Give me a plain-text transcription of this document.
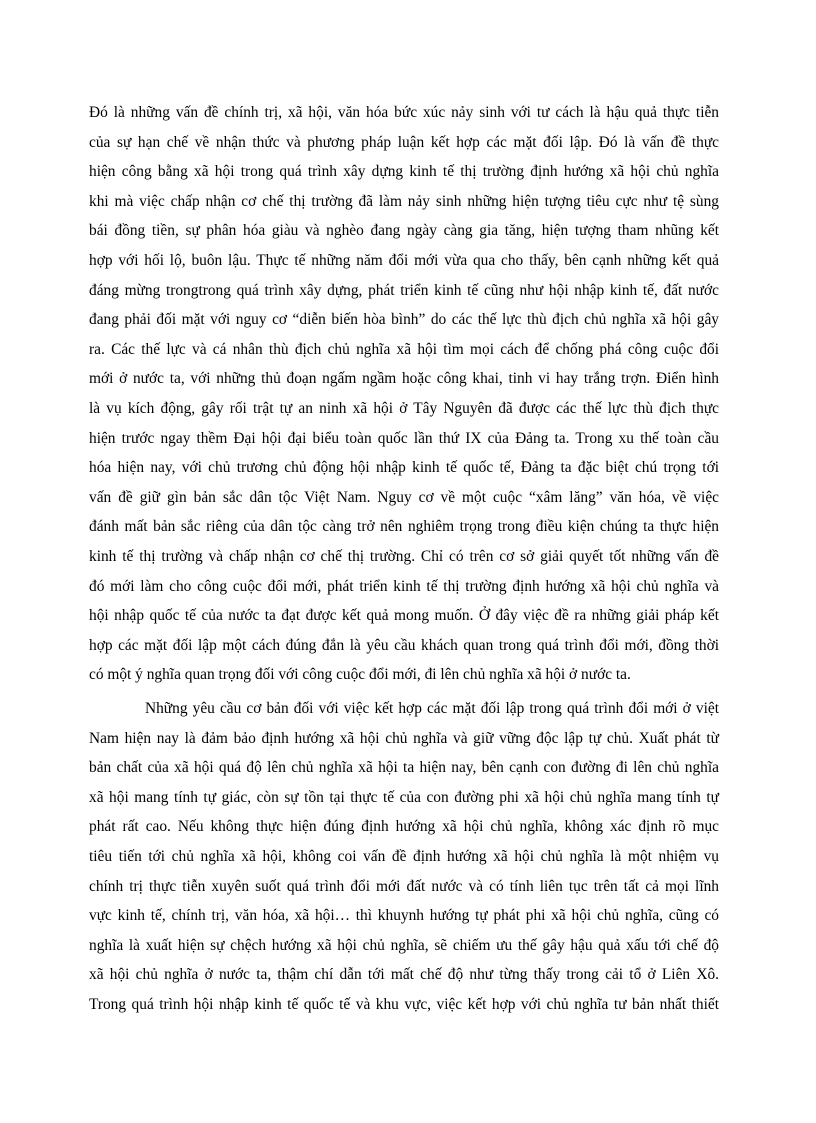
Đó là những vấn đề chính trị, xã hội, văn hóa bức xúc nảy sinh với tư cách là hậu quả thực tiễn
của sự hạn chế về nhận thức và phương pháp luận kết hợp các mặt đối lập. Đó là vấn đề thực
hiện công bằng xã hội trong quá trình xây dựng kinh tế thị trường định hướng xã hội chủ nghĩa
khi mà việc chấp nhận cơ chế thị trường đã làm nảy sinh những hiện tượng tiêu cực như tệ sùng
bái đồng tiền, sự phân hóa giàu và nghèo đang ngày càng gia tăng, hiện tượng tham nhũng kết
hợp với hối lộ, buôn lậu. Thực tế những năm đổi mới vừa qua cho thấy, bên cạnh những kết quả
đáng mừng trongtrong quá trình xây dựng, phát triển kinh tế cũng như hội nhập kinh tế, đất nước
đang phải đối mặt với nguy cơ “diễn biến hòa bình” do các thế lực thù địch chủ nghĩa xã hội gây
ra. Các thế lực và cá nhân thù địch chủ nghĩa xã hội tìm mọi cách để chống phá công cuộc đổi
mới ở nước ta, với những thủ đoạn ngấm ngầm hoặc công khai, tinh vi hay trắng trợn. Điển hình
là vụ kích động, gây rối trật tự an ninh xã hội ở Tây Nguyên đã được các thế lực thù địch thực
hiện trước ngay thềm Đại hội đại biểu toàn quốc lần thứ IX của Đảng ta. Trong xu thế toàn cầu
hóa hiện nay, với chủ trương chủ động hội nhập kinh tế quốc tế, Đảng ta đặc biệt chú trọng tới
vấn đề giữ gìn bản sắc dân tộc Việt Nam. Nguy cơ về một cuộc “xâm lăng” văn hóa, về việc
đánh mất bản sắc riêng của dân tộc càng trở nên nghiêm trọng trong điều kiện chúng ta thực hiện
kinh tế thị trường và chấp nhận cơ chế thị trường. Chỉ có trên cơ sở giải quyết tốt những vấn đề
đó mới làm cho công cuộc đổi mới, phát triển kinh tế thị trường định hướng xã hội chủ nghĩa và
hội nhập quốc tế của nước ta đạt được kết quả mong muốn. Ở đây việc đề ra những giải pháp kết
hợp các mặt đối lập một cách đúng đắn là yêu cầu khách quan trong quá trình đổi mới, đồng thời
có một ý nghĩa quan trọng đối với công cuộc đổi mới, đi lên chủ nghĩa xã hội ở nước ta.
Những yêu cầu cơ bản đối với việc kết hợp các mặt đối lập trong quá trình đổi mới ở việt
Nam hiện nay là đảm bảo định hướng xã hội chủ nghĩa và giữ vững độc lập tự chủ. Xuất phát từ
bản chất của xã hội quá độ lên chủ nghĩa xã hội ta hiện nay, bên cạnh con đường đi lên chủ nghĩa
xã hội mang tính tự giác, còn sự tồn tại thực tế của con đường phi xã hội chủ nghĩa mang tính tự
phát rất cao. Nếu không thực hiện đúng định hướng xã hội chủ nghĩa, không xác định rõ mục
tiêu tiến tới chủ nghĩa xã hội, không coi vấn đề định hướng xã hội chủ nghĩa là một nhiệm vụ
chính trị thực tiễn xuyên suốt quá trình đổi mới đất nước và có tính liên tục trên tất cả mọi lĩnh
vực kinh tế, chính trị, văn hóa, xã hội… thì khuynh hướng tự phát phi xã hội chủ nghĩa, cũng có
nghĩa là xuất hiện sự chệch hướng xã hội chủ nghĩa, sẽ chiếm ưu thế gây hậu quả xấu tới chế độ
xã hội chủ nghĩa ở nước ta, thậm chí dẫn tới mất chế độ như từng thấy trong cải tổ ở Liên Xô.
Trong quá trình hội nhập kinh tế quốc tế và khu vực, việc kết hợp với chủ nghĩa tư bản nhất thiết
